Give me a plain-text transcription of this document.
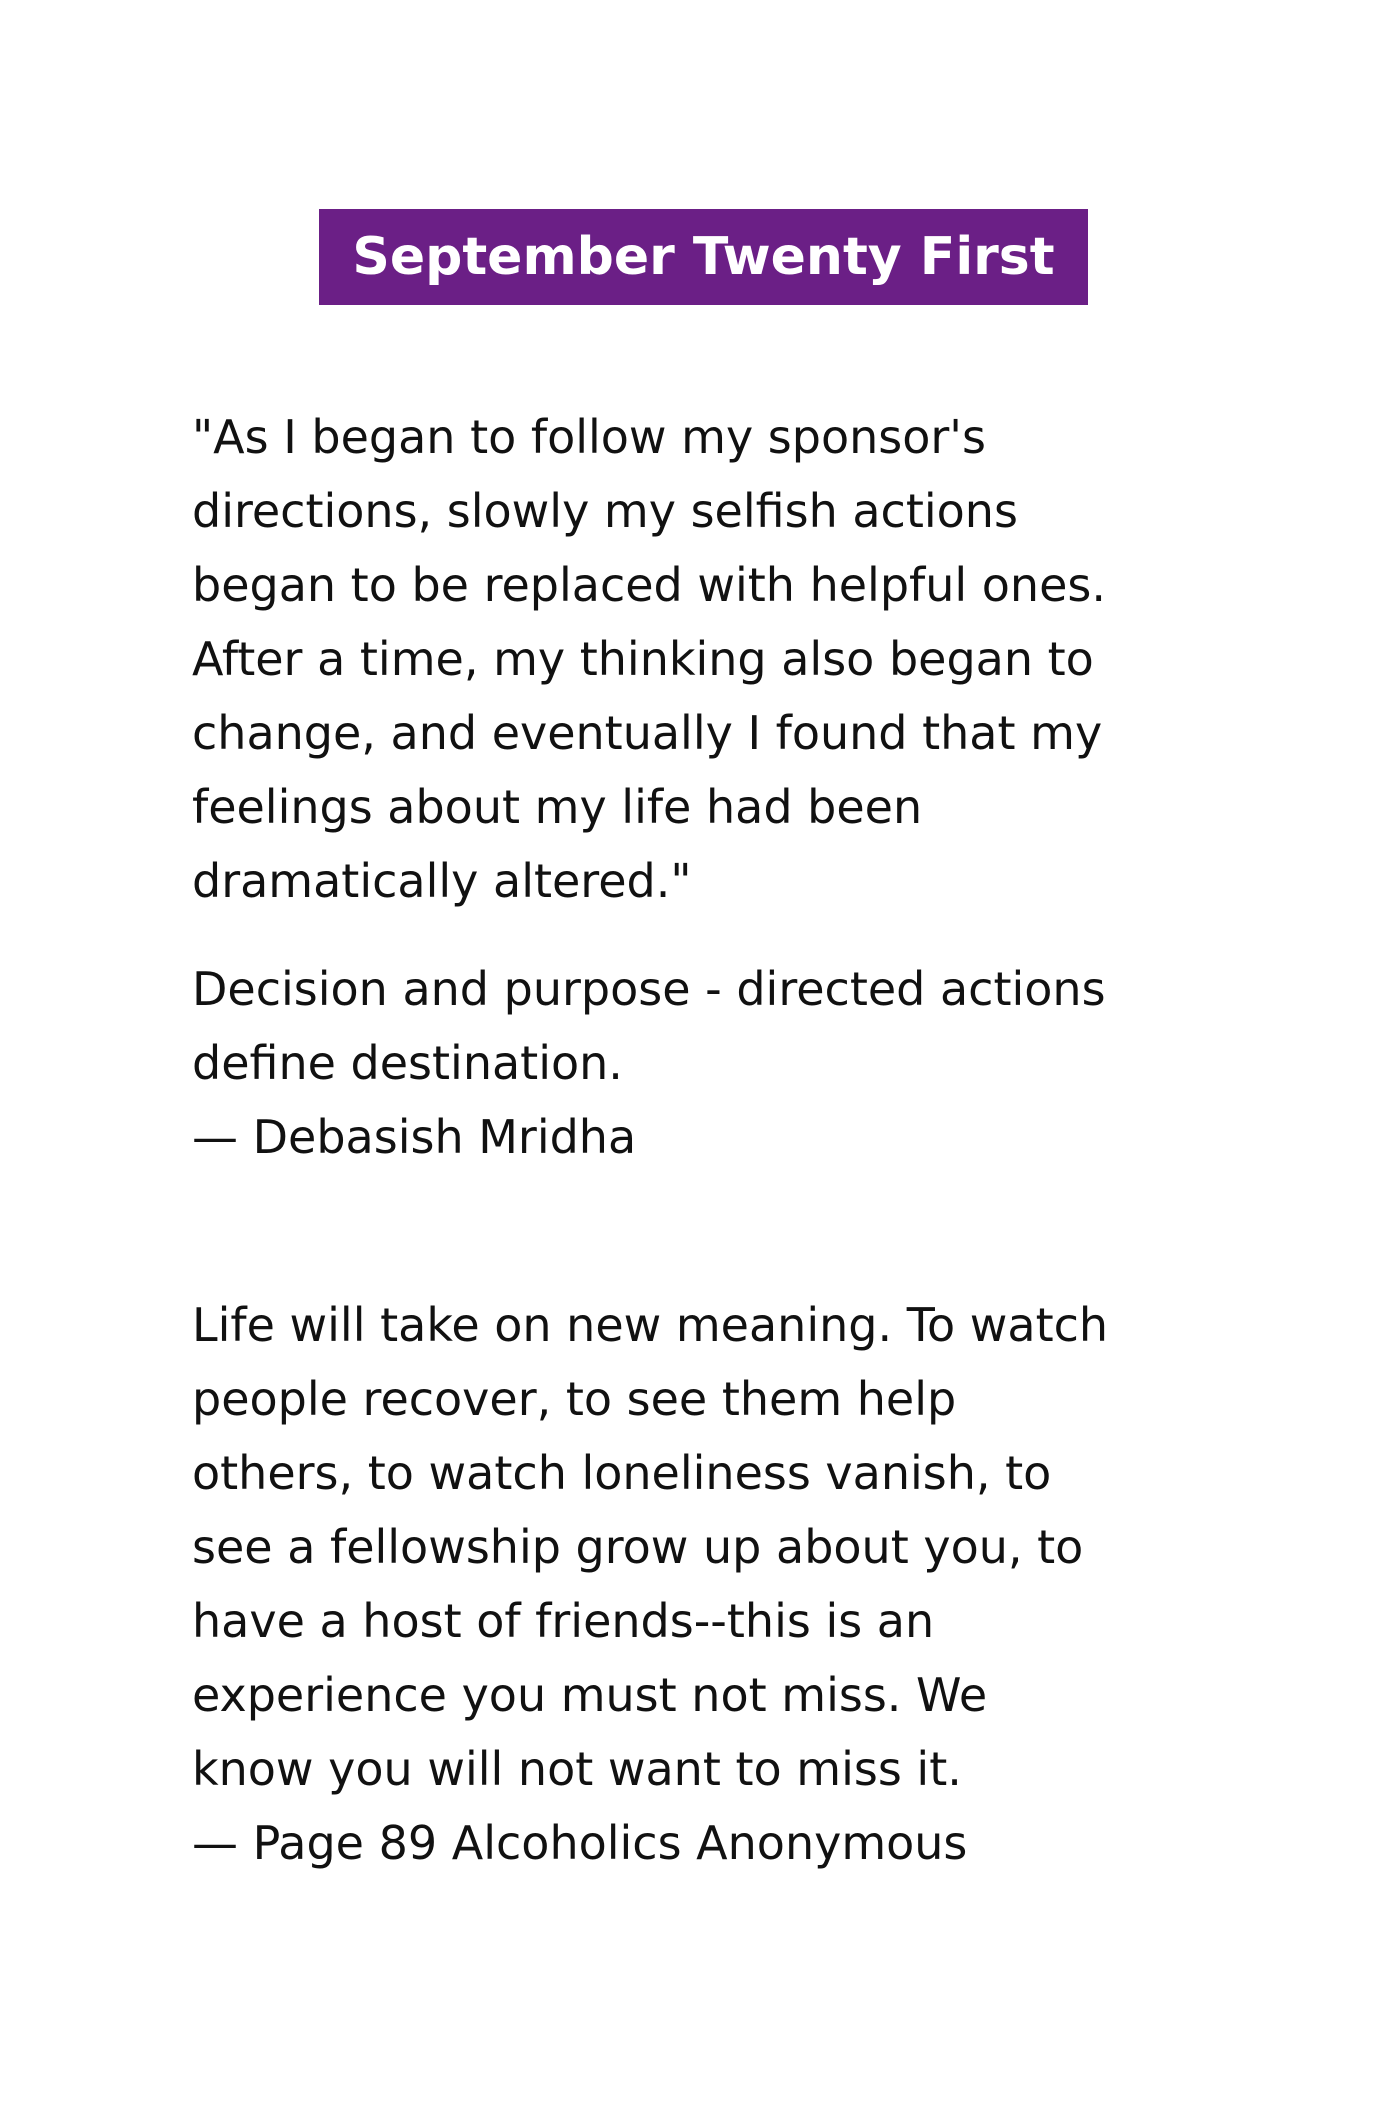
September Twenty First

"As I began to follow my sponsor's

directions, slowly my selfish actions

began to be replaced with helpful ones.

After a time, my thinking also began to

change, and eventually I found that my

feelings about my life had been

dramatically altered."

Decision and purpose - directed actions

define destination.

— Debasish Mridha

Life will take on new meaning. To watch

people recover, to see them help

others, to watch loneliness vanish, to

see a fellowship grow up about you, to

have a host of friends--this is an

experience you must not miss. We

know you will not want to miss it.

— Page 89 Alcoholics Anonymous
